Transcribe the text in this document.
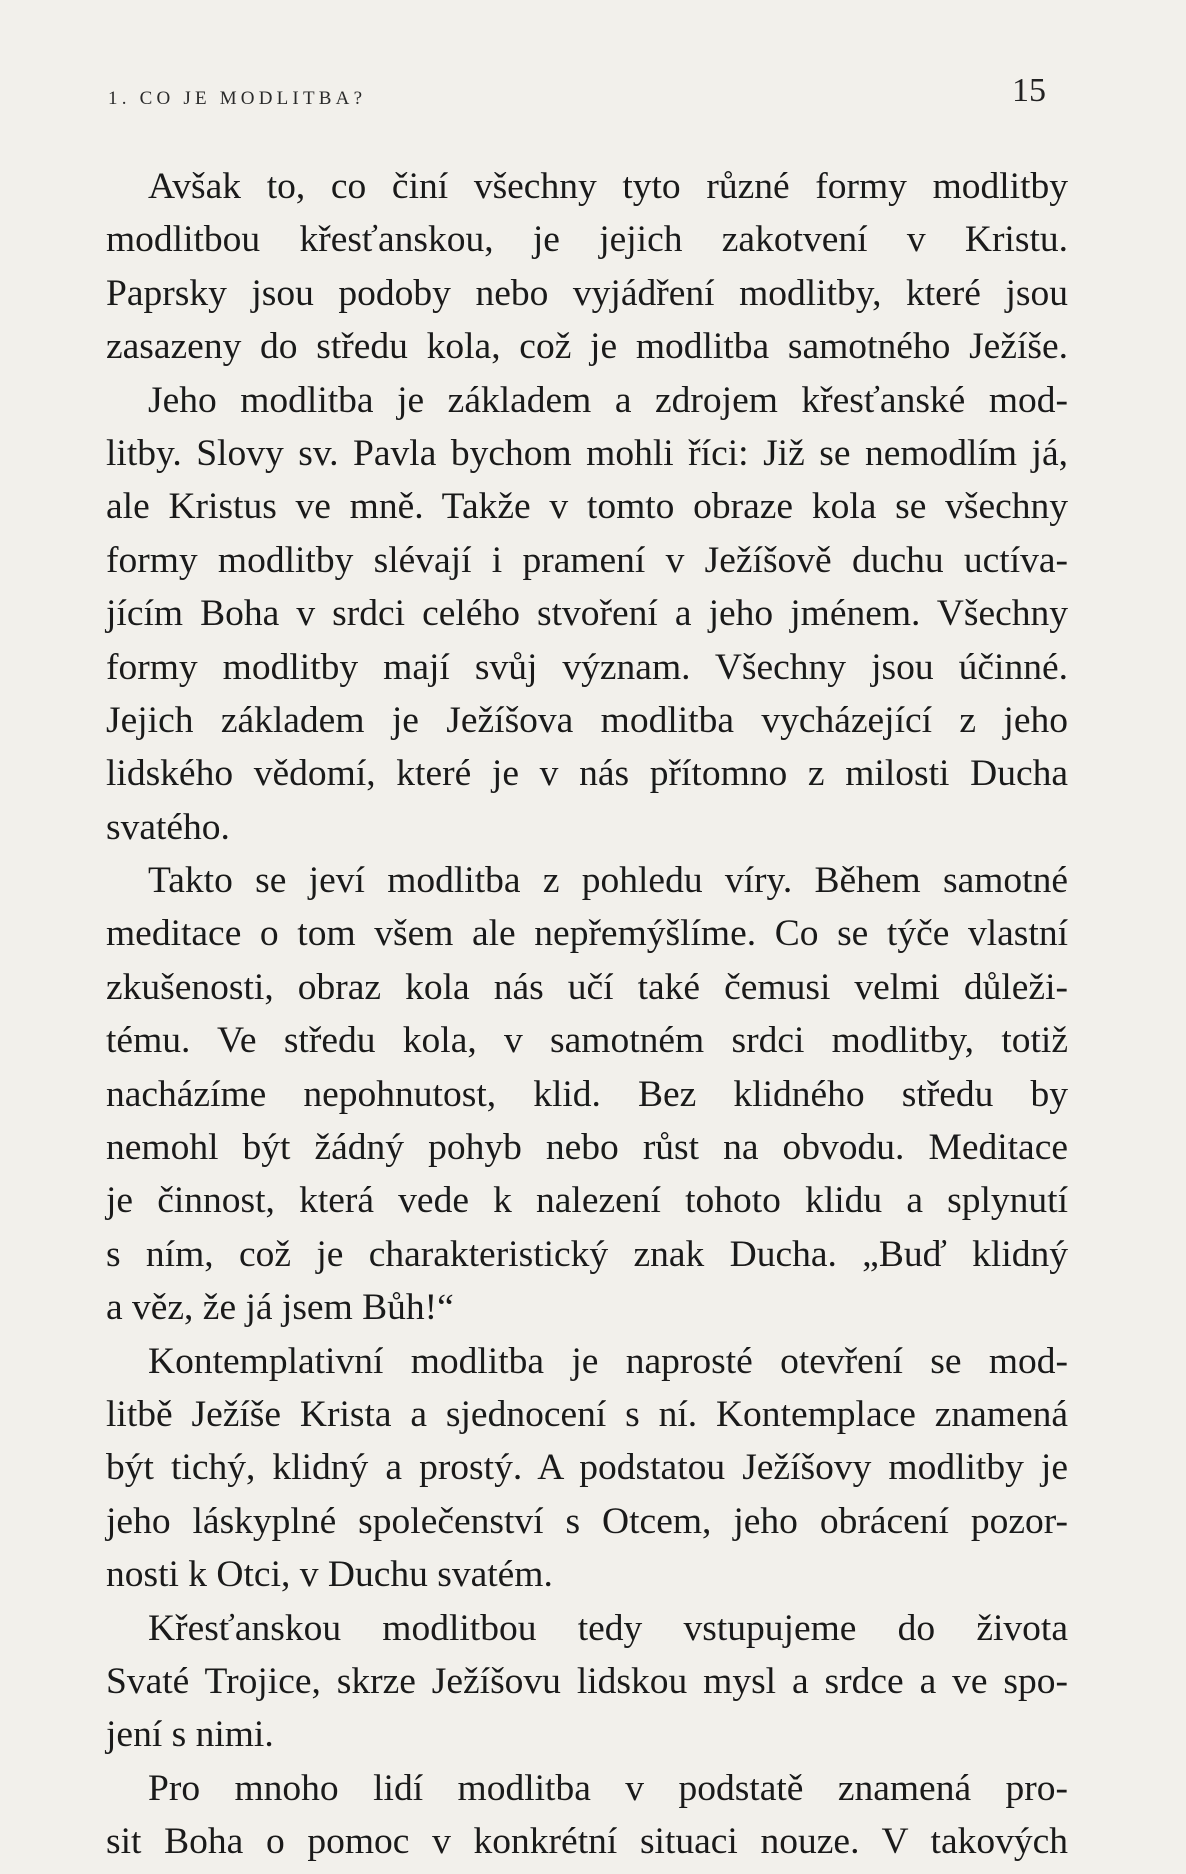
1. CO JE MODLITBA?	15
Avšak to, co činí všechny tyto různé formy modlitby
modlitbou křesťanskou, je jejich zakotvení v Kristu.
Paprsky jsou podoby nebo vyjádření modlitby, které jsou
zasazeny do středu kola, což je modlitba samotného Ježíše.
Jeho modlitba je základem a zdrojem křesťanské mod-
litby. Slovy sv. Pavla bychom mohli říci: Již se nemodlím já,
ale Kristus ve mně. Takže v tomto obraze kola se všechny
formy modlitby slévají i pramení v Ježíšově duchu uctíva-
jícím Boha v srdci celého stvoření a jeho jménem. Všechny
formy modlitby mají svůj význam. Všechny jsou účinné.
Jejich základem je Ježíšova modlitba vycházející z jeho
lidského vědomí, které je v nás přítomno z milosti Ducha
svatého.
Takto se jeví modlitba z pohledu víry. Během samotné
meditace o tom všem ale nepřemýšlíme. Co se týče vlastní
zkušenosti, obraz kola nás učí také čemusi velmi důleži-
tému. Ve středu kola, v samotném srdci modlitby, totiž
nacházíme nepohnutost, klid. Bez klidného středu by
nemohl být žádný pohyb nebo růst na obvodu. Meditace
je činnost, která vede k nalezení tohoto klidu a splynutí
s ním, což je charakteristický znak Ducha. „Buď klidný
a věz, že já jsem Bůh!“
Kontemplativní modlitba je naprosté otevření se mod-
litbě Ježíše Krista a sjednocení s ní. Kontemplace znamená
být tichý, klidný a prostý. A podstatou Ježíšovy modlitby je
jeho láskyplné společenství s Otcem, jeho obrácení pozor-
nosti k Otci, v Duchu svatém.
Křesťanskou modlitbou tedy vstupujeme do života
Svaté Trojice, skrze Ježíšovu lidskou mysl a srdce a ve spo-
jení s nimi.
Pro mnoho lidí modlitba v podstatě znamená pro-
sit Boha o pomoc v konkrétní situaci nouze. V takových
